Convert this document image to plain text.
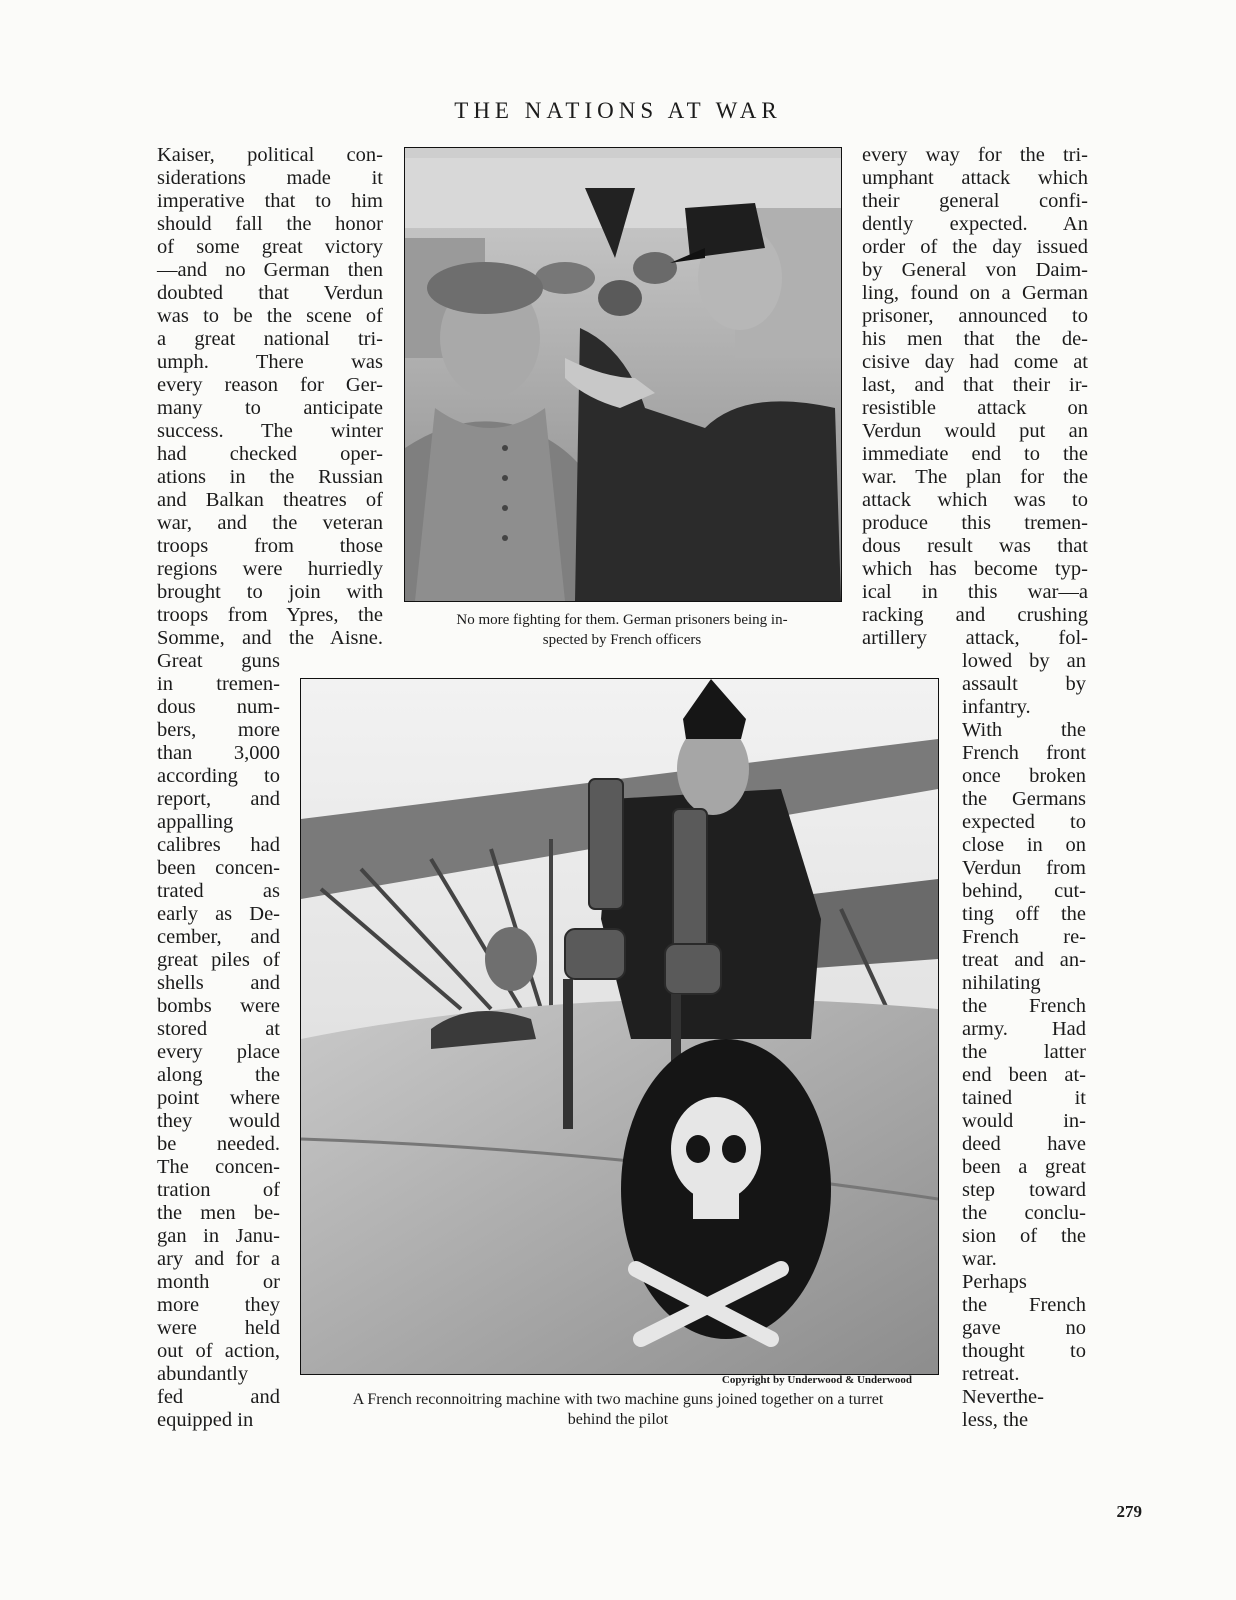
THE NATIONS AT WAR
Kaiser, political con-
siderations made it
imperative that to him
should fall the honor
of some great victory
—and no German then
doubted that Verdun
was to be the scene of
a great national tri-
umph. There was
every reason for Ger-
many to anticipate
success. The winter
had checked oper-
ations in the Russian
and Balkan theatres of
war, and the veteran
troops from those
regions were hurriedly
brought to join with
troops from Ypres, the
Somme, and the Aisne.
Great guns
in tremen-
dous num-
bers, more
than 3,000
according to
report, and
appalling
calibres had
been concen-
trated as
early as De-
cember, and
great piles of
shells and
bombs were
stored at
every place
along the
point where
they would
be needed.
The concen-
tration of
the men be-
gan in Janu-
ary and for a
month or
more they
were held
out of action,
abundantly
fed and
equipped in
every way for the tri-
umphant attack which
their general confi-
dently expected. An
order of the day issued
by General von Daim-
ling, found on a German
prisoner, announced to
his men that the de-
cisive day had come at
last, and that their ir-
resistible attack on
Verdun would put an
immediate end to the
war. The plan for the
attack which was to
produce this tremen-
dous result was that
which has become typ-
ical in this war—a
racking and crushing
artillery attack, fol-
lowed by an
assault by
infantry.
With the
French front
once broken
the Germans
expected to
close in on
Verdun from
behind, cut-
ting off the
French re-
treat and an-
nihilating
the French
army. Had
the latter
end been at-
tained it
would in-
deed have
been a great
step toward
the conclu-
sion of the
war.
Perhaps
the French
gave no
thought to
retreat.
Neverthe-
less, the

No more fighting for them. German prisoners being in-
spected by French officers

Copyright by Underwood & Underwood

A French reconnoitring machine with two machine guns joined together on a turret
behind the pilot

279
